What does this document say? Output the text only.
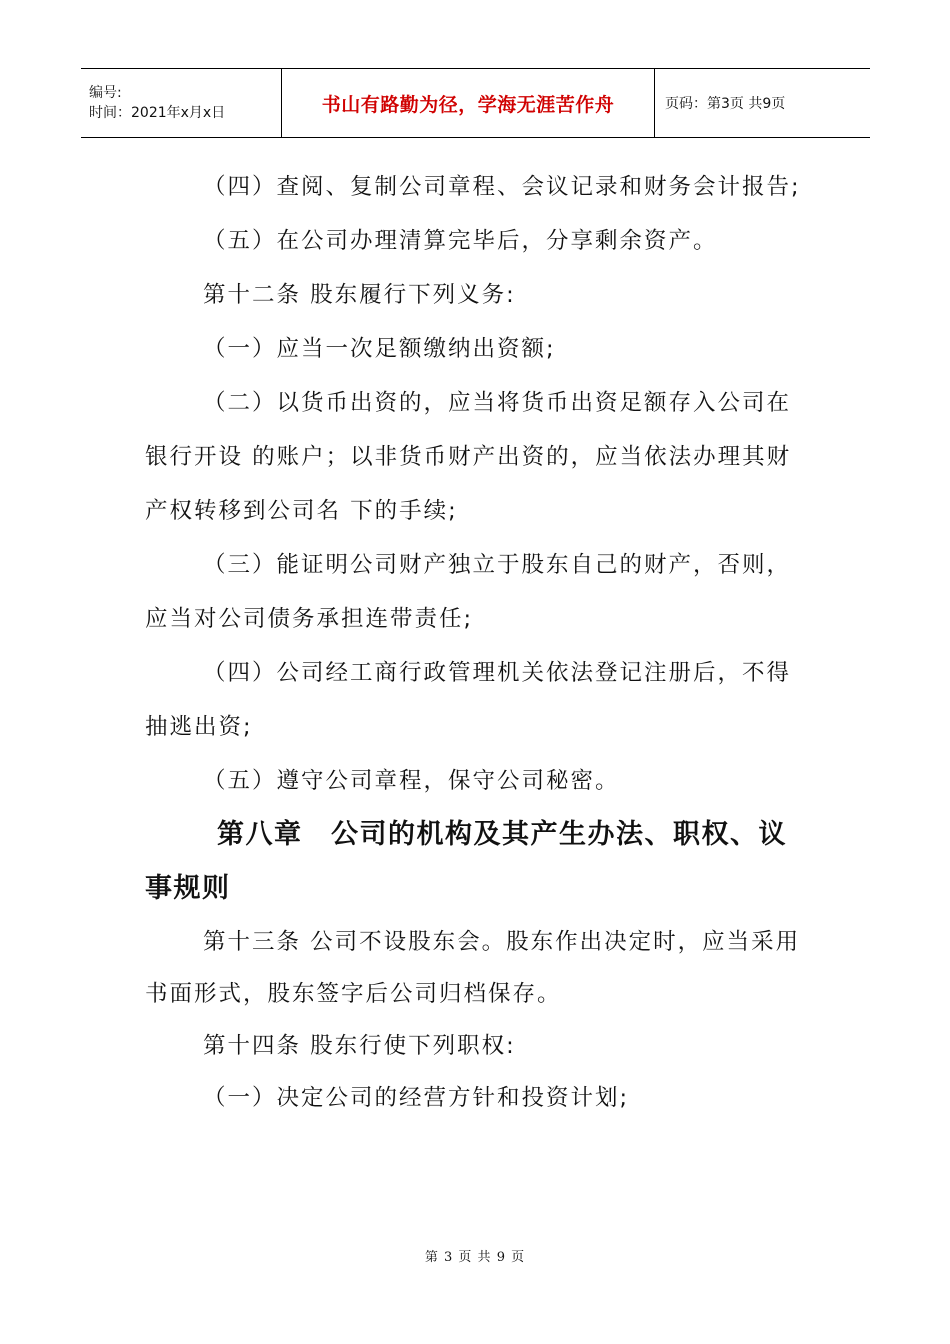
编号:
时间：2021年x月x日	书山有路勤为径，学海无涯苦作舟	页码：第3页 共9页

（四）查阅、复制公司章程、会议记录和财务会计报告;

（五）在公司办理清算完毕后，分享剩余资产。

第十二条 股东履行下列义务:

（一）应当一次足额缴纳出资额;

（二）以货币出资的，应当将货币出资足额存入公司在银行开设 的账户；以非货币财产出资的，应当依法办理其财产权转移到公司名 下的手续;

（三）能证明公司财产独立于股东自己的财产，否则，应当对公司债务承担连带责任;

（四）公司经工商行政管理机关依法登记注册后，不得抽逃出资;

（五）遵守公司章程，保守公司秘密。

第八章　公司的机构及其产生办法、职权、议事规则

第十三条 公司不设股东会。股东作出决定时，应当采用书面形式，股东签字后公司归档保存。

第十四条 股东行使下列职权:

（一）决定公司的经营方针和投资计划;

第 3 页 共 9 页
